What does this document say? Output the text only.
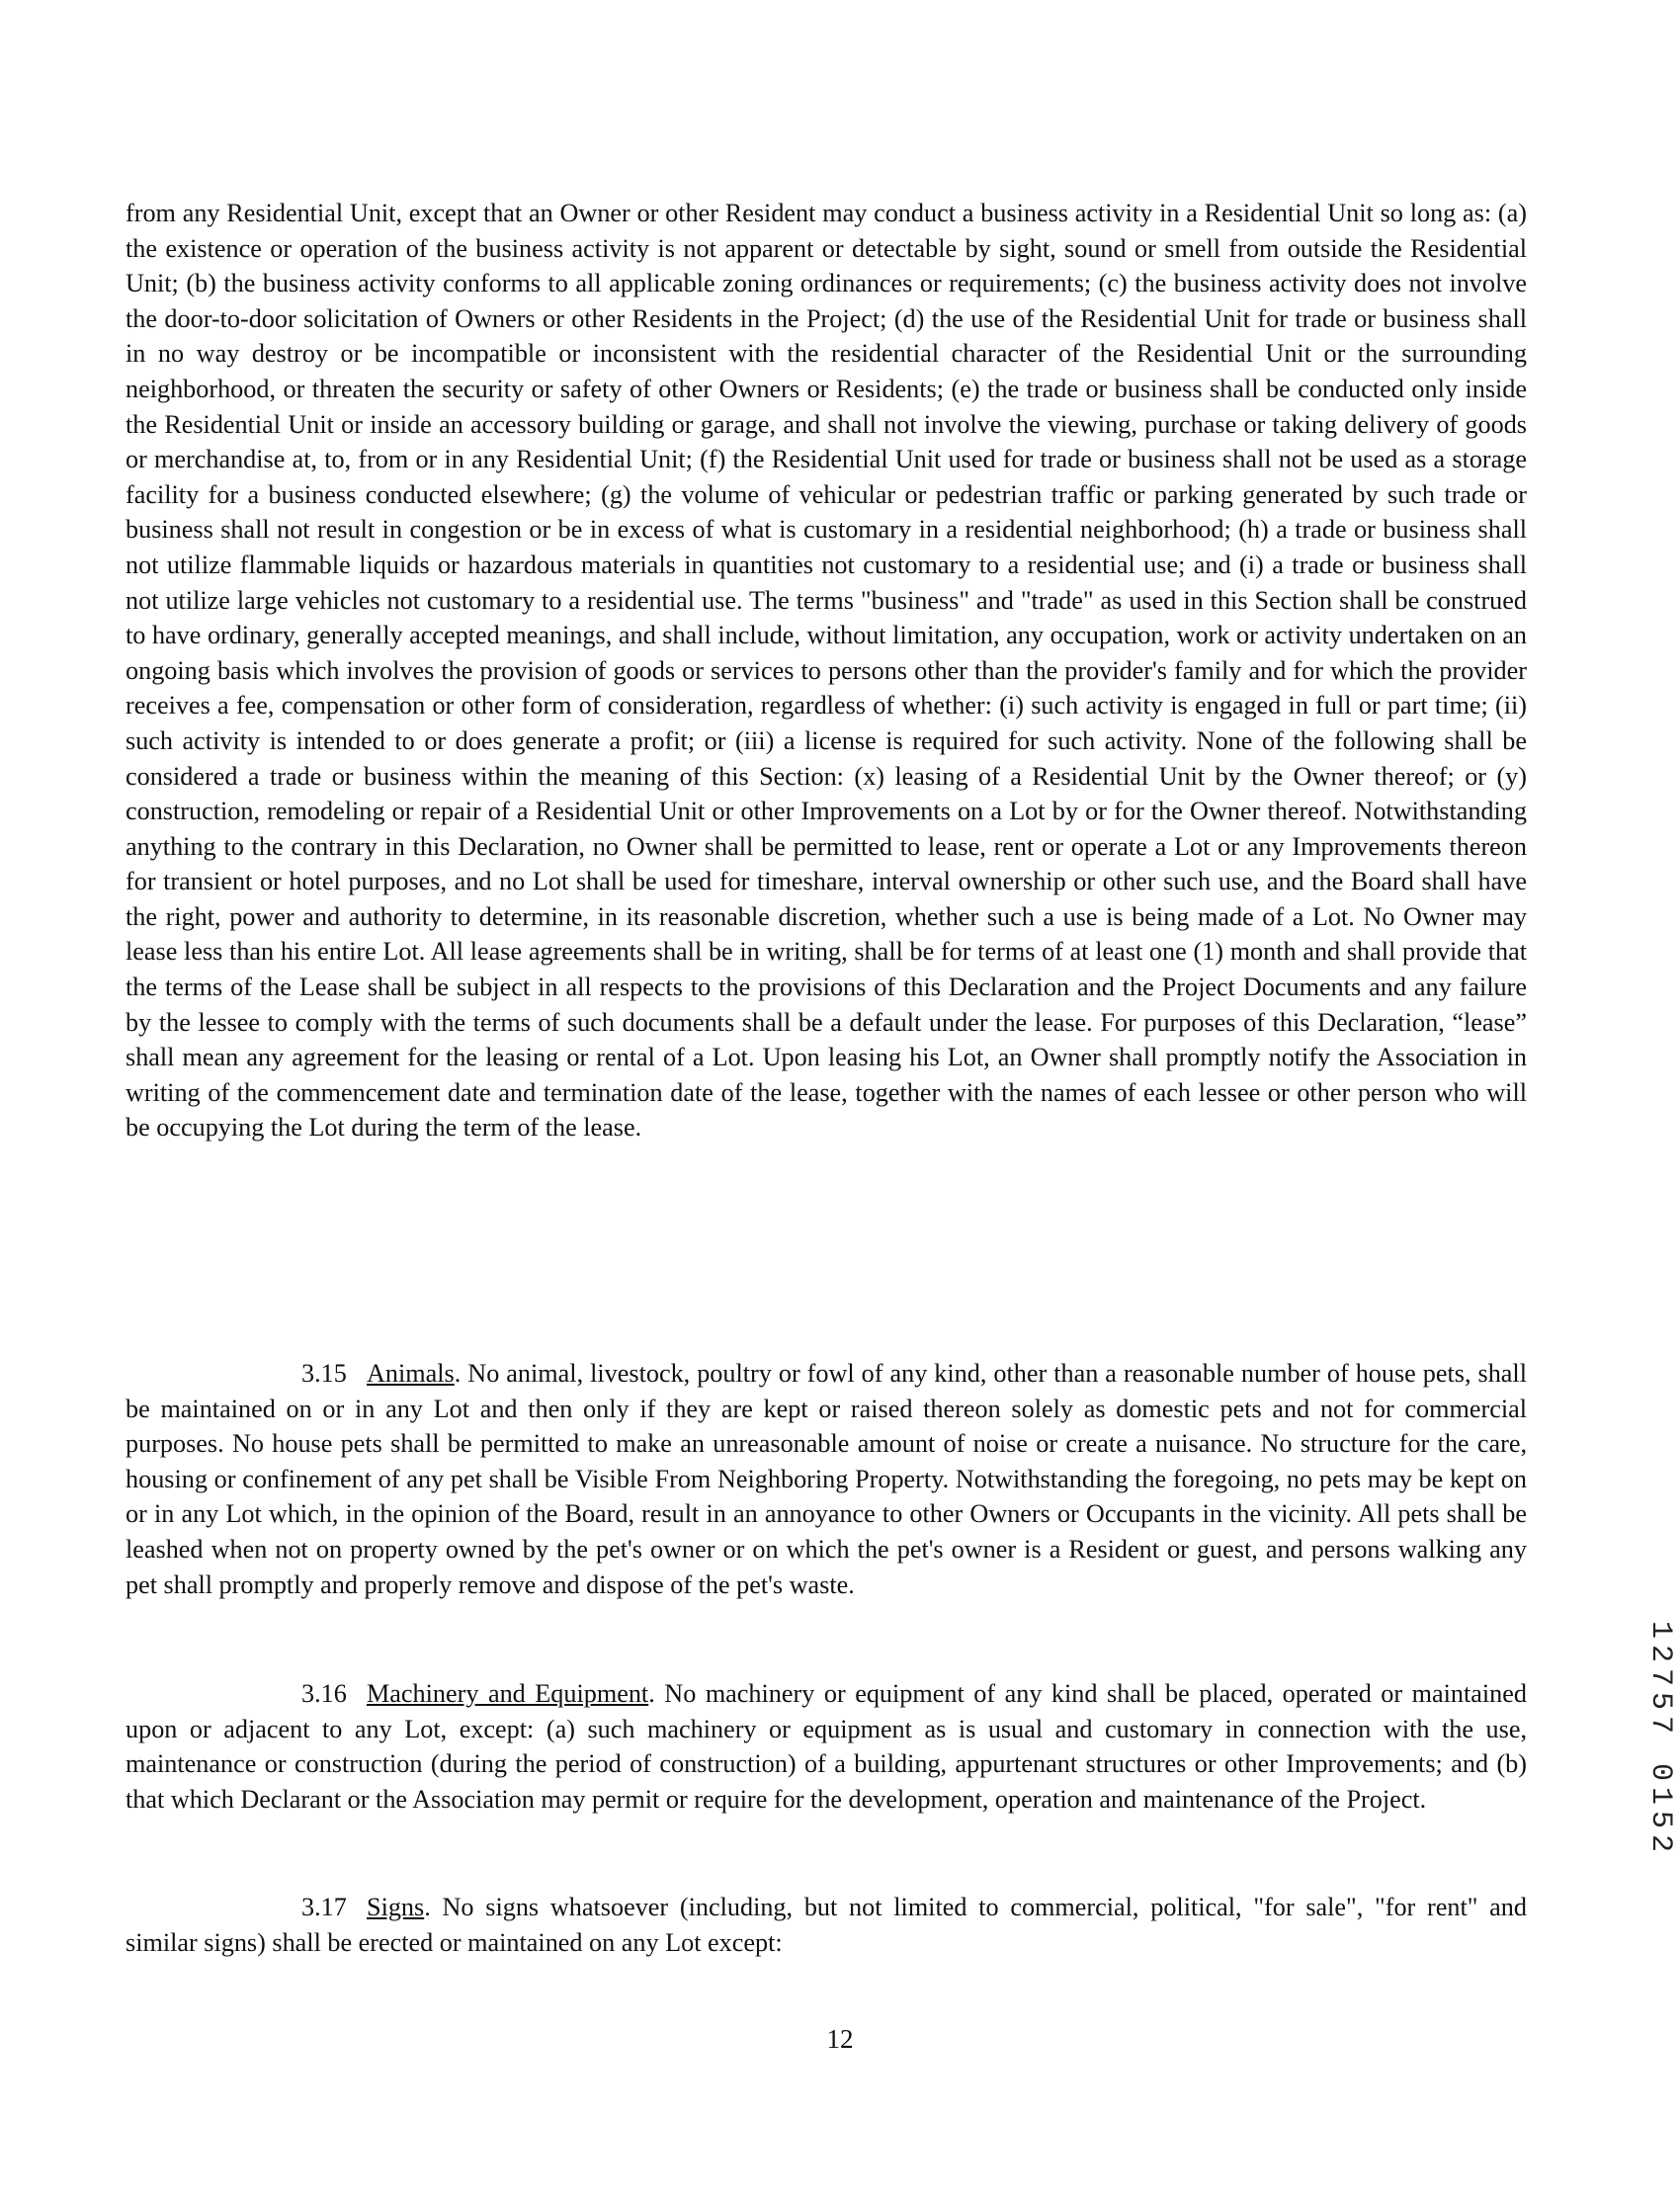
from any Residential Unit, except that an Owner or other Resident may conduct a business activity in a Residential Unit so long as: (a) the existence or operation of the business activity is not apparent or detectable by sight, sound or smell from outside the Residential Unit; (b) the business activity conforms to all applicable zoning ordinances or requirements; (c) the business activity does not involve the door-to-door solicitation of Owners or other Residents in the Project; (d) the use of the Residential Unit for trade or business shall in no way destroy or be incompatible or inconsistent with the residential character of the Residential Unit or the surrounding neighborhood, or threaten the security or safety of other Owners or Residents; (e) the trade or business shall be conducted only inside the Residential Unit or inside an accessory building or garage, and shall not involve the viewing, purchase or taking delivery of goods or merchandise at, to, from or in any Residential Unit; (f) the Residential Unit used for trade or business shall not be used as a storage facility for a business conducted elsewhere; (g) the volume of vehicular or pedestrian traffic or parking generated by such trade or business shall not result in congestion or be in excess of what is customary in a residential neighborhood; (h) a trade or business shall not utilize flammable liquids or hazardous materials in quantities not customary to a residential use; and (i) a trade or business shall not utilize large vehicles not customary to a residential use. The terms "business" and "trade" as used in this Section shall be construed to have ordinary, generally accepted meanings, and shall include, without limitation, any occupation, work or activity undertaken on an ongoing basis which involves the provision of goods or services to persons other than the provider's family and for which the provider receives a fee, compensation or other form of consideration, regardless of whether: (i) such activity is engaged in full or part time; (ii) such activity is intended to or does generate a profit; or (iii) a license is required for such activity. None of the following shall be considered a trade or business within the meaning of this Section: (x) leasing of a Residential Unit by the Owner thereof; or (y) construction, remodeling or repair of a Residential Unit or other Improvements on a Lot by or for the Owner thereof. Notwithstanding anything to the contrary in this Declaration, no Owner shall be permitted to lease, rent or operate a Lot or any Improvements thereon for transient or hotel purposes, and no Lot shall be used for timeshare, interval ownership or other such use, and the Board shall have the right, power and authority to determine, in its reasonable discretion, whether such a use is being made of a Lot. No Owner may lease less than his entire Lot. All lease agreements shall be in writing, shall be for terms of at least one (1) month and shall provide that the terms of the Lease shall be subject in all respects to the provisions of this Declaration and the Project Documents and any failure by the lessee to comply with the terms of such documents shall be a default under the lease. For purposes of this Declaration, “lease” shall mean any agreement for the leasing or rental of a Lot. Upon leasing his Lot, an Owner shall promptly notify the Association in writing of the commencement date and termination date of the lease, together with the names of each lessee or other person who will be occupying the Lot during the term of the lease.

3.15 Animals. No animal, livestock, poultry or fowl of any kind, other than a reasonable number of house pets, shall be maintained on or in any Lot and then only if they are kept or raised thereon solely as domestic pets and not for commercial purposes. No house pets shall be permitted to make an unreasonable amount of noise or create a nuisance. No structure for the care, housing or confinement of any pet shall be Visible From Neighboring Property. Notwithstanding the foregoing, no pets may be kept on or in any Lot which, in the opinion of the Board, result in an annoyance to other Owners or Occupants in the vicinity. All pets shall be leashed when not on property owned by the pet's owner or on which the pet's owner is a Resident or guest, and persons walking any pet shall promptly and properly remove and dispose of the pet's waste.

3.16 Machinery and Equipment. No machinery or equipment of any kind shall be placed, operated or maintained upon or adjacent to any Lot, except: (a) such machinery or equipment as is usual and customary in connection with the use, maintenance or construction (during the period of construction) of a building, appurtenant structures or other Improvements; and (b) that which Declarant or the Association may permit or require for the development, operation and maintenance of the Project.

3.17 Signs. No signs whatsoever (including, but not limited to commercial, political, "for sale", "for rent" and similar signs) shall be erected or maintained on any Lot except:

12
12757 0152
